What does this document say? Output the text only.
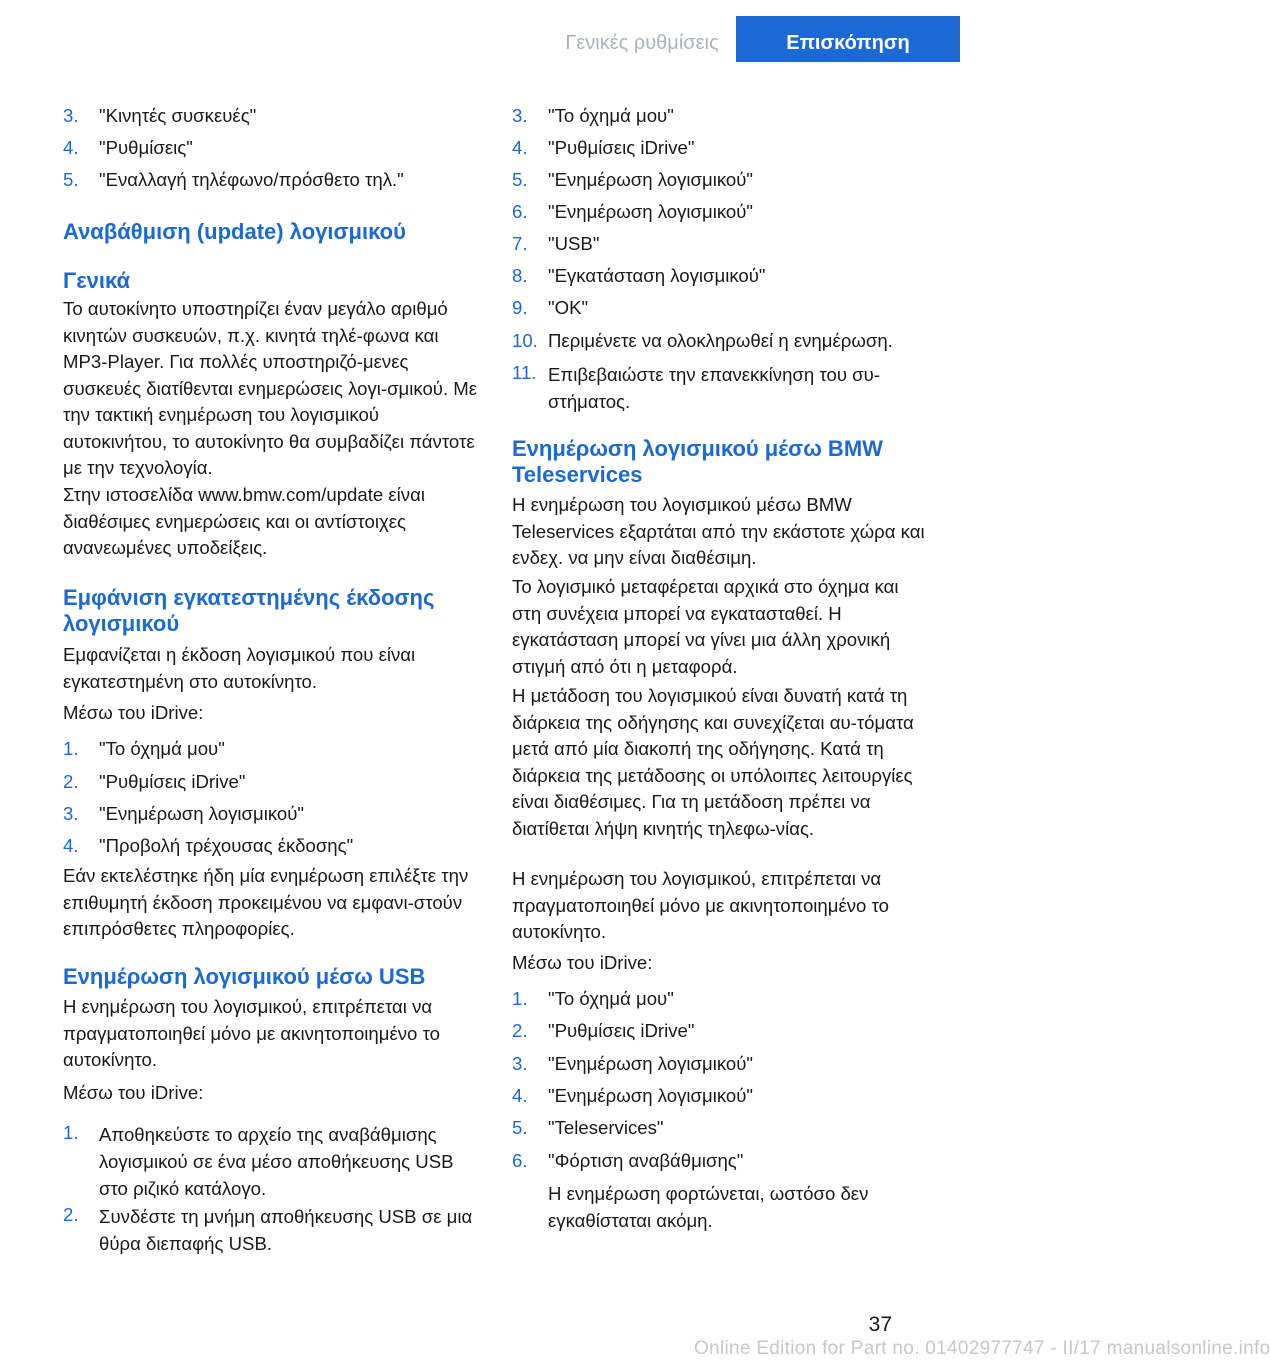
Γενικές ρυθμίσεις	Επισκόπηση
3. "Κινητές συσκευές"
4. "Ρυθμίσεις"
5. "Εναλλαγή τηλέφωνο/πρόσθετο τηλ."
Αναβάθμιση (update) λογισμικού
Γενικά
Το αυτοκίνητο υποστηρίζει έναν μεγάλο αριθμό κινητών συσκευών, π.χ. κινητά τηλέ‐φωνα και MP3-Player. Για πολλές υποστηριζό‐μενες συσκευές διατίθενται ενημερώσεις λογι‐σμικού. Με την τακτική ενημέρωση του λογισμικού αυτοκινήτου, το αυτοκίνητο θα συμβαδίζει πάντοτε με την τεχνολογία.
Στην ιστοσελίδα www.bmw.com/update είναι διαθέσιμες ενημερώσεις και οι αντίστοιχες ανανεωμένες υποδείξεις.
Εμφάνιση εγκατεστημένης έκδοσης λογισμικού
Εμφανίζεται η έκδοση λογισμικού που είναι εγκατεστημένη στο αυτοκίνητο.
Μέσω του iDrive:
1. "Το όχημά μου"
2. "Ρυθμίσεις iDrive"
3. "Ενημέρωση λογισμικού"
4. "Προβολή τρέχουσας έκδοσης"
Εάν εκτελέστηκε ήδη μία ενημέρωση επιλέξτε την επιθυμητή έκδοση προκειμένου να εμφανι‐στούν επιπρόσθετες πληροφορίες.
Ενημέρωση λογισμικού μέσω USB
Η ενημέρωση του λογισμικού, επιτρέπεται να πραγματοποιηθεί μόνο με ακινητοποιημένο το αυτοκίνητο.
Μέσω του iDrive:
1. Αποθηκεύστε το αρχείο της αναβάθμισης λογισμικού σε ένα μέσο αποθήκευσης USB στο ριζικό κατάλογο.
2. Συνδέστε τη μνήμη αποθήκευσης USB σε μια θύρα διεπαφής USB.
3. "Το όχημά μου"
4. "Ρυθμίσεις iDrive"
5. "Ενημέρωση λογισμικού"
6. "Ενημέρωση λογισμικού"
7. "USB"
8. "Εγκατάσταση λογισμικού"
9. "OK"
10. Περιμένετε να ολοκληρωθεί η ενημέρωση.
11. Επιβεβαιώστε την επανεκκίνηση του συ‐στήματος.
Ενημέρωση λογισμικού μέσω BMW Teleservices
Η ενημέρωση του λογισμικού μέσω BMW Teleservices εξαρτάται από την εκάστοτε χώρα και ενδεχ. να μην είναι διαθέσιμη.
Το λογισμικό μεταφέρεται αρχικά στο όχημα και στη συνέχεια μπορεί να εγκατασταθεί. Η εγκατάσταση μπορεί να γίνει μια άλλη χρονική στιγμή από ότι η μεταφορά.
Η μετάδοση του λογισμικού είναι δυνατή κατά τη διάρκεια της οδήγησης και συνεχίζεται αυ‐τόματα μετά από μία διακοπή της οδήγησης. Κατά τη διάρκεια της μετάδοσης οι υπόλοιπες λειτουργίες είναι διαθέσιμες. Για τη μετάδοση πρέπει να διατίθεται λήψη κινητής τηλεφω‐νίας.
Η ενημέρωση του λογισμικού, επιτρέπεται να πραγματοποιηθεί μόνο με ακινητοποιημένο το αυτοκίνητο.
Μέσω του iDrive:
1. "Το όχημά μου"
2. "Ρυθμίσεις iDrive"
3. "Ενημέρωση λογισμικού"
4. "Ενημέρωση λογισμικού"
5. "Teleservices"
6. "Φόρτιση αναβάθμισης"
Η ενημέρωση φορτώνεται, ωστόσο δεν εγκαθίσταται ακόμη.
37
Online Edition for Part no. 01402977747 - II/17 manualsonline.info
